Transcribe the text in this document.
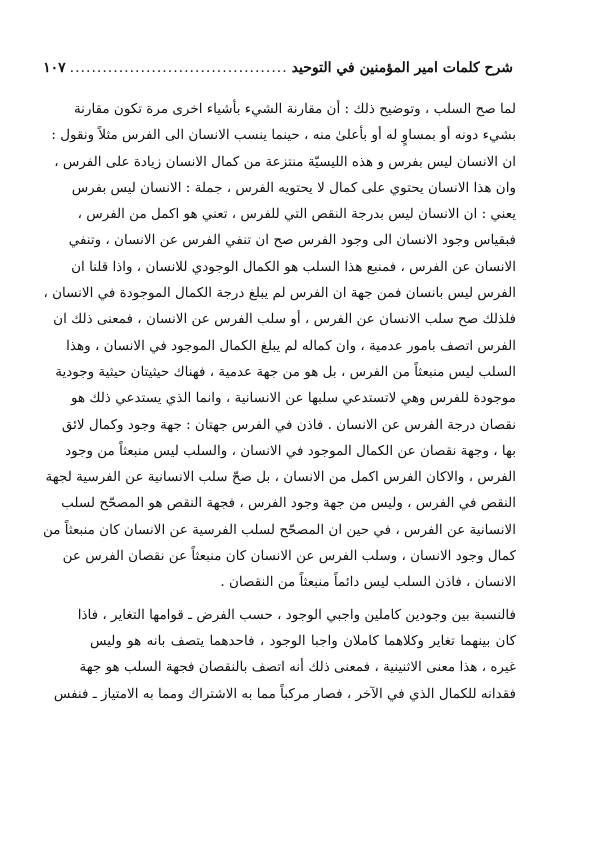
شرح كلمات امير المؤمنين في التوحيد
........................................
١٠٧
لما صح السلب ، وتوضيح ذلك : أن مقارنة الشيء بأشياء اخرى مرة تكون مقارنة
بشيء دونه أو بمساوٍ له أو بأعلىٰ منه ، حينما ينسب الانسان الى الفرس مثلاً ونقول :
ان الانسان ليس بفرس و هذه الليسيّة منتزعة من كمال الانسان زيادة على الفرس ،
وان هذا الانسان يحتوي على كمال لا يحتويه الفرس ، جملة : الانسان ليس بفرس
يعني : ان الانسان ليس بدرجة النقص التي للفرس ، تعني هو اكمل من الفرس ،
فبقياس وجود الانسان الى وجود الفرس صح ان تنفي الفرس عن الانسان ، وتنفي
الانسان عن الفرس ، فمنبع هذا السلب هو الكمال الوجودي للانسان ، واذا قلنا ان
الفرس ليس بانسان فمن جهة ان الفرس لم يبلغ درجة الكمال الموجودة في الانسان ،
فلذلك صح سلب الانسان عن الفرس ، أو سلب الفرس عن الانسان ، فمعنى ذلك ان
الفرس اتصف بامور عدمية ، وان كماله لم يبلغ الكمال الموجود في الانسان ، وهذا
السلب ليس منبعثاً من الفرس ، بل هو من جهة عدمية ، فهناك حيثيتان حيثية وجودية
موجودة للفرس وهي لاتستدعي سلبها عن الانسانية ، وانما الذي يستدعي ذلك هو
نقصان درجة الفرس عن الانسان . فاذن في الفرس جهتان : جهة وجود وكمال لائق
بها ، وجهة نقصان عن الكمال الموجود في الانسان ، والسلب ليس منبعثاً من وجود
الفرس ، والاكان الفرس اكمل من الانسان ، بل صحّ سلب الانسانية عن الفرسية لجهة
النقص في الفرس ، وليس من جهة وجود الفرس ، فجهة النقص هو المصحّح لسلب
الانسانية عن الفرس ، في حين ان المصحّح لسلب الفرسية عن الانسان كان منبعثاً من
كمال وجود الانسان ، وسلب الفرس عن الانسان كان منبعثاً عن نقصان الفرس عن
الانسان ، فاذن السلب ليس دائماً منبعثاً من النقصان .
فالنسبة بين وجودين كاملين واجبي الوجود ، حسب الفرض ـ قوامها التغاير ، فاذا
كان بينهما تغاير وكلاهما كاملان واجبا الوجود ، فاحدهما يتصف بانه هو وليس
غيره ، هذا معنى الاثنينية ، فمعنى ذلك أنه اتصف بالنقصان فجهة السلب هو جهة
فقدانه للكمال الذي في الآخر ، فصار مركباً مما به الاشتراك ومما به الامتياز ـ فنفس
